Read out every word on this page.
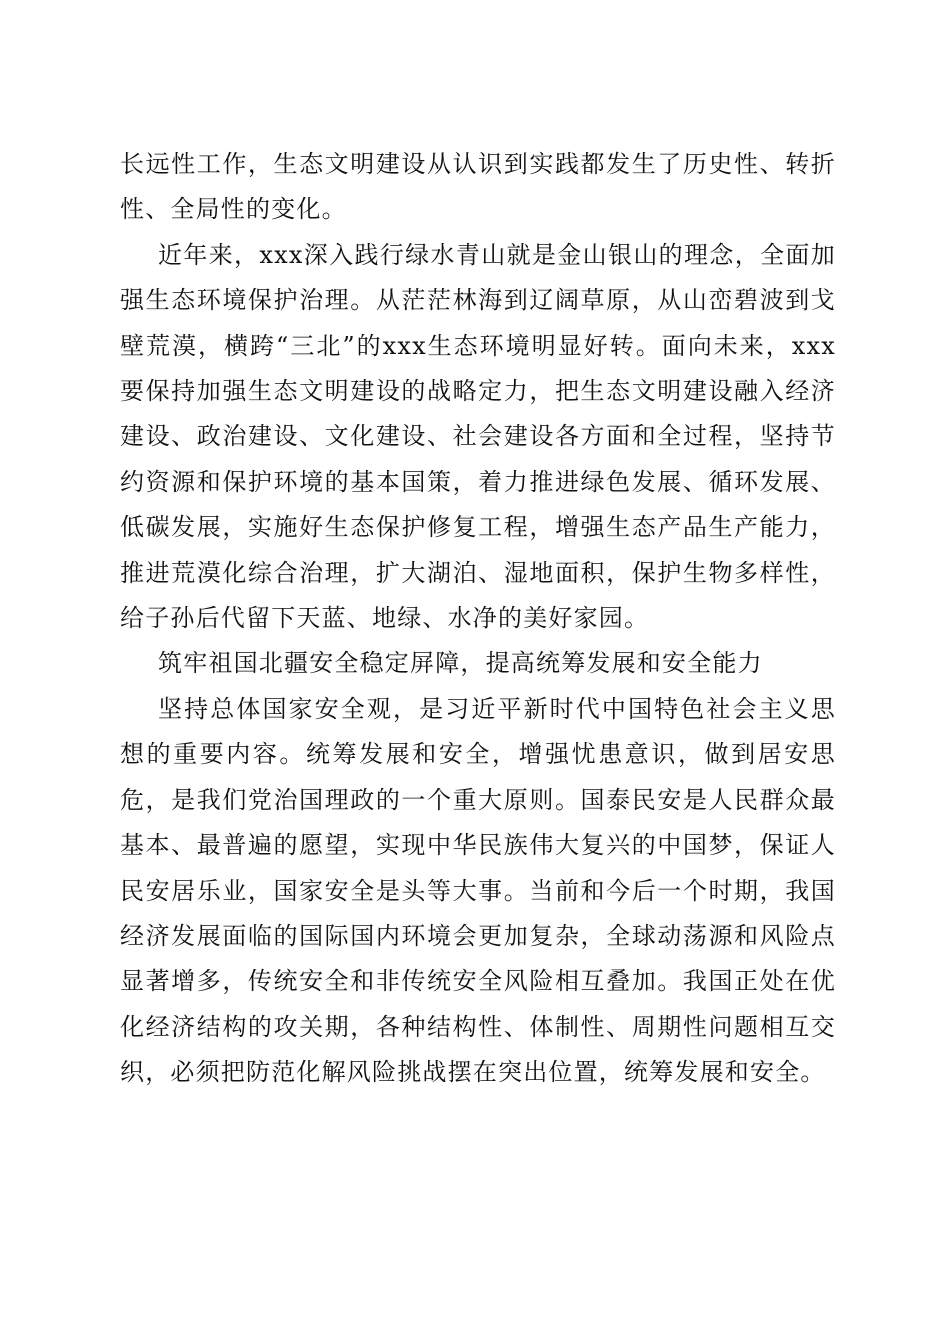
长远性工作，生态文明建设从认识到实践都发生了历史性、转折性、全局性的变化。

近年来，xxx深入践行绿水青山就是金山银山的理念，全面加强生态环境保护治理。从茫茫林海到辽阔草原，从山峦碧波到戈壁荒漠，横跨“三北”的xxx生态环境明显好转。面向未来，xxx要保持加强生态文明建设的战略定力，把生态文明建设融入经济建设、政治建设、文化建设、社会建设各方面和全过程，坚持节约资源和保护环境的基本国策，着力推进绿色发展、循环发展、低碳发展，实施好生态保护修复工程，增强生态产品生产能力，推进荒漠化综合治理，扩大湖泊、湿地面积，保护生物多样性，给子孙后代留下天蓝、地绿、水净的美好家园。

筑牢祖国北疆安全稳定屏障，提高统筹发展和安全能力

坚持总体国家安全观，是习近平新时代中国特色社会主义思想的重要内容。统筹发展和安全，增强忧患意识，做到居安思危，是我们党治国理政的一个重大原则。国泰民安是人民群众最基本、最普遍的愿望，实现中华民族伟大复兴的中国梦，保证人民安居乐业，国家安全是头等大事。当前和今后一个时期，我国经济发展面临的国际国内环境会更加复杂，全球动荡源和风险点显著增多，传统安全和非传统安全风险相互叠加。我国正处在优化经济结构的攻关期，各种结构性、体制性、周期性问题相互交织，必须把防范化解风险挑战摆在突出位置，统筹发展和安全。
